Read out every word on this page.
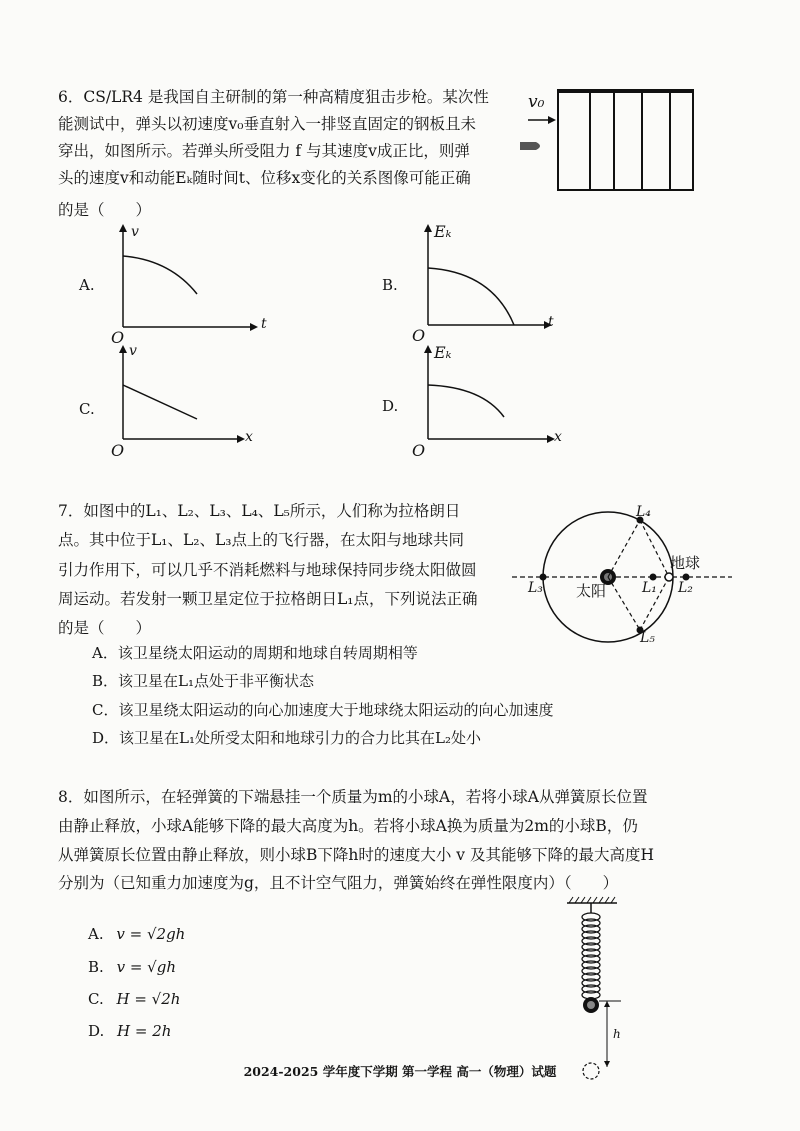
6．CS/LR4 是我国自主研制的第一种高精度狙击步枪。某次性
能测试中，弹头以初速度v₀垂直射入一排竖直固定的钢板且未
穿出，如图所示。若弹头所受阻力 f 与其速度v成正比，则弹
头的速度v和动能Eₖ随时间t、位移x变化的关系图像可能正确
的是（　　）
v₀
A.
v
t
O
B.
Eₖ
t
O
C.
v
x
O
D.
Eₖ
x
O
7．如图中的L₁、L₂、L₃、L₄、L₅所示，人们称为拉格朗日
点。其中位于L₁、L₂、L₃点上的飞行器，在太阳与地球共同
引力作用下，可以几乎不消耗燃料与地球保持同步绕太阳做圆
周运动。若发射一颗卫星定位于拉格朗日L₁点，下列说法正确
的是（　　）
A．该卫星绕太阳运动的周期和地球自转周期相等
B．该卫星在L₁点处于非平衡状态
C．该卫星绕太阳运动的向心加速度大于地球绕太阳运动的向心加速度
D．该卫星在L₁处所受太阳和地球引力的合力比其在L₂处小
L₄
L₅
L₃	L₁ L₂
太阳
地球
8．如图所示，在轻弹簧的下端悬挂一个质量为m的小球A，若将小球A从弹簧原长位置
由静止释放，小球A能够下降的最大高度为h。若将小球A换为质量为2m的小球B，仍
从弹簧原长位置由静止释放，则小球B下降h时的速度大小 v 及其能够下降的最大高度H
分别为（已知重力加速度为g，且不计空气阻力，弹簧始终在弹性限度内）（　　）
A. v = √2gh
B. v = √gh
C. H = √2h
D. H = 2h	h
2024-2025 学年度下学期 第一学程 高一（物理）试题
